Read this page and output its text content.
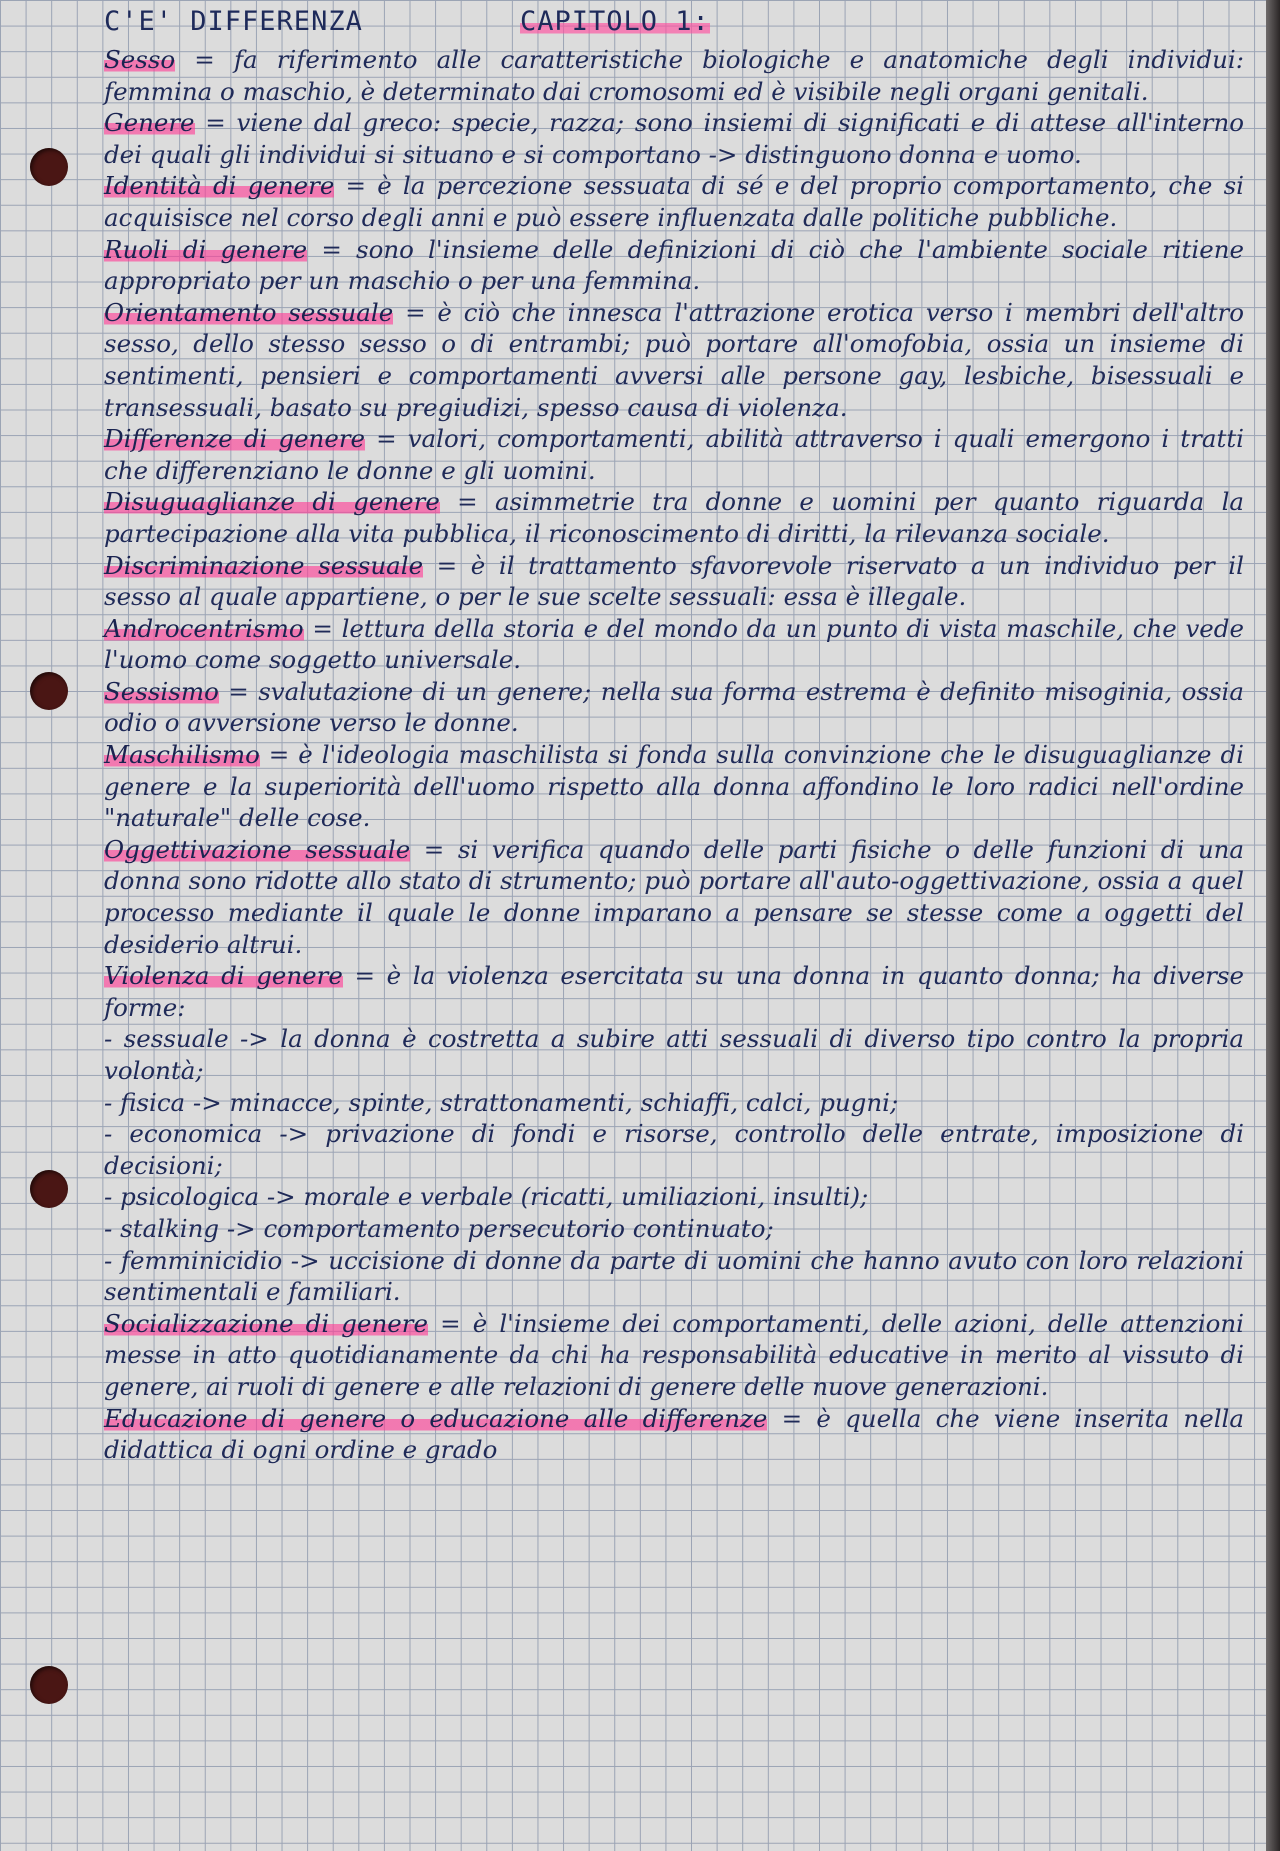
C'E' DIFFERENZA	CAPITOLO 1:

Sesso = fa riferimento alle caratteristiche biologiche e anatomiche degli individui: femmina o maschio, è determinato dai cromosomi ed è visibile negli organi genitali.

Genere = viene dal greco: specie, razza; sono insiemi di significati e di attese all'interno dei quali gli individui si situano e si comportano -> distinguono donna e uomo.

Identità di genere = è la percezione sessuata di sé e del proprio comportamento, che si acquisisce nel corso degli anni e può essere influenzata dalle politiche pubbliche.

Ruoli di genere = sono l'insieme delle definizioni di ciò che l'ambiente sociale ritiene appropriato per un maschio o per una femmina.

Orientamento sessuale = è ciò che innesca l'attrazione erotica verso i membri dell'altro sesso, dello stesso sesso o di entrambi; può portare all'omofobia, ossia un insieme di sentimenti, pensieri e comportamenti avversi alle persone gay, lesbiche, bisessuali e transessuali, basato su pregiudizi, spesso causa di violenza.

Differenze di genere = valori, comportamenti, abilità attraverso i quali emergono i tratti che differenziano le donne e gli uomini.

Disuguaglianze di genere = asimmetrie tra donne e uomini per quanto riguarda la partecipazione alla vita pubblica, il riconoscimento di diritti, la rilevanza sociale.

Discriminazione sessuale = è il trattamento sfavorevole riservato a un individuo per il sesso al quale appartiene, o per le sue scelte sessuali: essa è illegale.

Androcentrismo = lettura della storia e del mondo da un punto di vista maschile, che vede l'uomo come soggetto universale.

Sessismo = svalutazione di un genere; nella sua forma estrema è definito misoginia, ossia odio o avversione verso le donne.

Maschilismo = è l'ideologia maschilista si fonda sulla convinzione che le disuguaglianze di genere e la superiorità dell'uomo rispetto alla donna affondino le loro radici nell'ordine "naturale" delle cose.

Oggettivazione sessuale = si verifica quando delle parti fisiche o delle funzioni di una donna sono ridotte allo stato di strumento; può portare all'auto-oggettivazione, ossia a quel processo mediante il quale le donne imparano a pensare se stesse come a oggetti del desiderio altrui.

Violenza di genere = è la violenza esercitata su una donna in quanto donna; ha diverse forme:

- sessuale -> la donna è costretta a subire atti sessuali di diverso tipo contro la propria volontà;
- fisica -> minacce, spinte, strattonamenti, schiaffi, calci, pugni;
- economica -> privazione di fondi e risorse, controllo delle entrate, imposizione di decisioni;
- psicologica -> morale e verbale (ricatti, umiliazioni, insulti);
- stalking -> comportamento persecutorio continuato;
- femminicidio -> uccisione di donne da parte di uomini che hanno avuto con loro relazioni sentimentali e familiari.

Socializzazione di genere = è l'insieme dei comportamenti, delle azioni, delle attenzioni messe in atto quotidianamente da chi ha responsabilità educative in merito al vissuto di genere, ai ruoli di genere e alle relazioni di genere delle nuove generazioni.

Educazione di genere o educazione alle differenze = è quella che viene inserita nella didattica di ogni ordine e grado
